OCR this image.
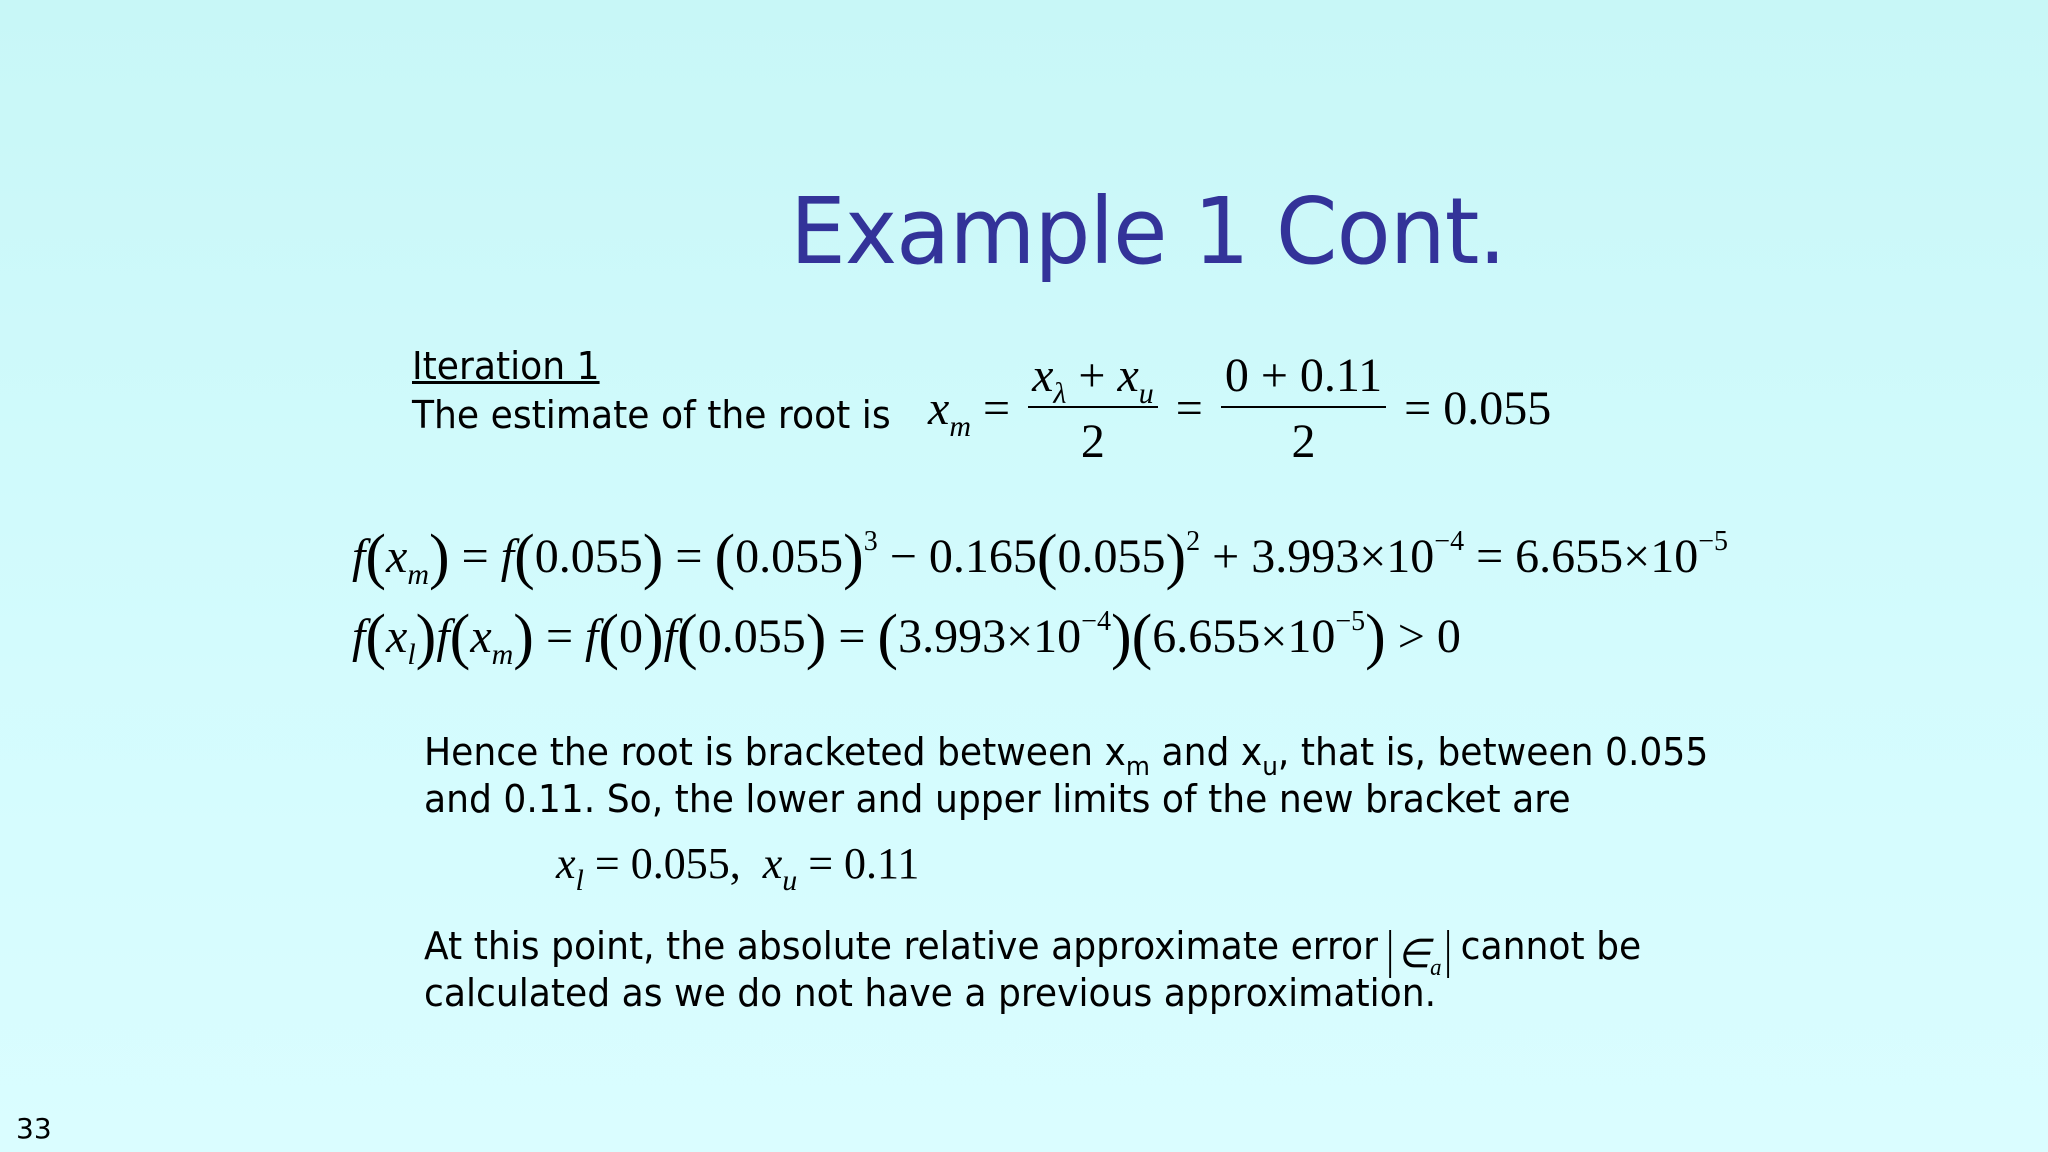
Example 1 Cont.
Iteration 1
The estimate of the root is $x_m = \frac{x_\lambda + x_u}{2} = \frac{0 + 0.11}{2} = 0.055$
$f(x_m) = f(0.055) = (0.055)^3 - 0.165(0.055)^2 + 3.993\times 10^{-4} = 6.655\times 10^{-5}$
$f(x_l)f(x_m) = f(0)f(0.055) = (3.993\times 10^{-4})(6.655\times 10^{-5}) > 0$
Hence the root is bracketed between $x_m$ and $x_u$, that is, between 0.055
and 0.11. So, the lower and upper limits of the new bracket are
$x_l = 0.055$, $x_u = 0.11$
At this point, the absolute relative approximate error $\in_a$ cannot be
calculated as we do not have a previous approximation.
33
